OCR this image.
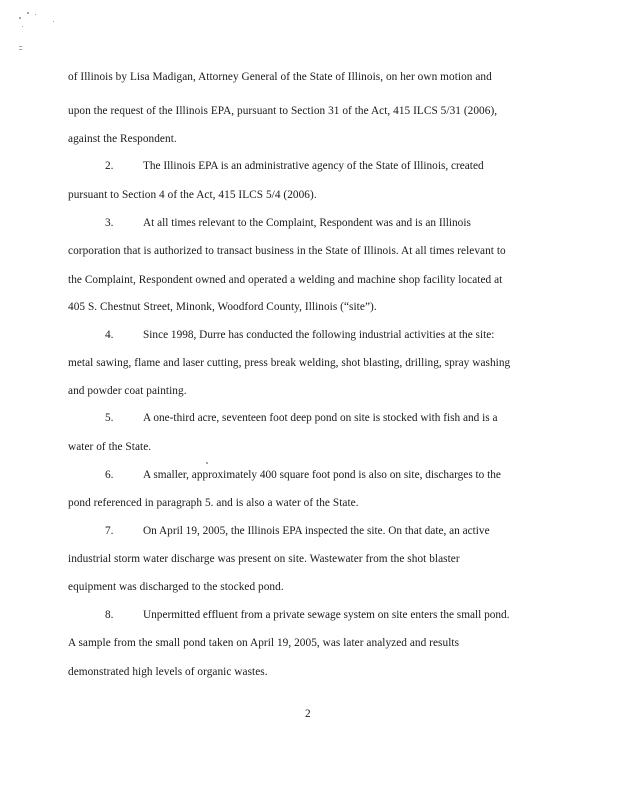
of Illinois by Lisa Madigan, Attorney General of the State of Illinois, on her own motion and
upon the request of the Illinois EPA, pursuant to Section 31 of the Act, 415 ILCS 5/31 (2006),
against the Respondent.
2.	The Illinois EPA is an administrative agency of the State of Illinois, created
pursuant to Section 4 of the Act, 415 ILCS 5/4 (2006).
3.	At all times relevant to the Complaint, Respondent was and is an Illinois
corporation that is authorized to transact business in the State of Illinois. At all times relevant to
the Complaint, Respondent owned and operated a welding and machine shop facility located at
405 S. Chestnut Street, Minonk, Woodford County, Illinois (“site”).
4.	Since 1998, Durre has conducted the following industrial activities at the site:
metal sawing, flame and laser cutting, press break welding, shot blasting, drilling, spray washing
and powder coat painting.
5.	A one-third acre, seventeen foot deep pond on site is stocked with fish and is a
water of the State.
6.	A smaller, approximately 400 square foot pond is also on site, discharges to the
pond referenced in paragraph 5. and is also a water of the State.
7.	On April 19, 2005, the Illinois EPA inspected the site. On that date, an active
industrial storm water discharge was present on site. Wastewater from the shot blaster
equipment was discharged to the stocked pond.
8.	Unpermitted effluent from a private sewage system on site enters the small pond.
A sample from the small pond taken on April 19, 2005, was later analyzed and results
demonstrated high levels of organic wastes.
2
